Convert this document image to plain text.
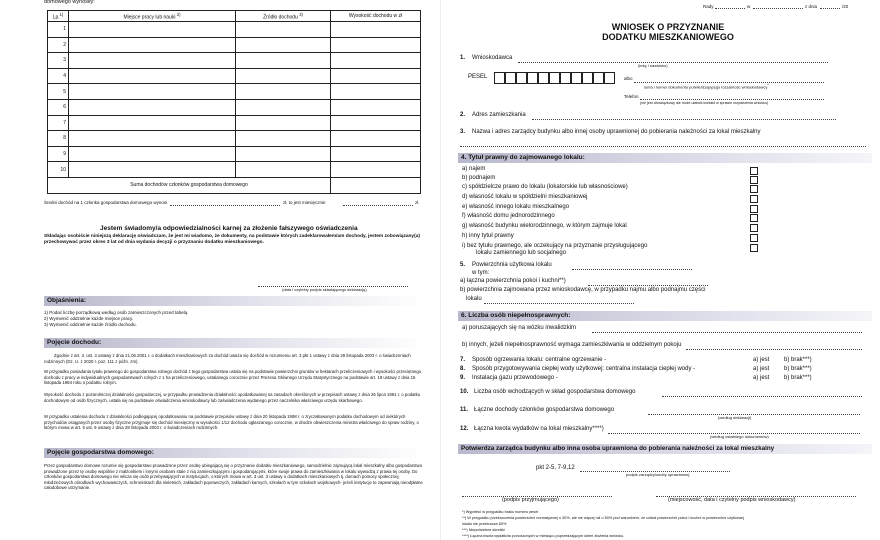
domowego wynosiły:
Lp.$^{1)}$	Miejsce pracy lub nauki $^{2)}$	Źródło dochodu $^{3)}$	Wysokość dochodu w zł
1			
2			
3			
4			
5			
6			
7			
8			
9			
10			
Suma dochodów członków gospodarstwa domowego			
Średni dochód na 1 członka gospodarstwa domowego wynosi	zł, to jest miesięcznie	zł.
Jestem świadomy/a odpowiedzialności karnej za złożenie fałszywego oświadczenia
Składając osobiście niniejszą deklarację oświadczam, że jest mi wiadomo, że dokumenty, na podstawie których zadeklarowałem/am dochody, jestem zobowiązany(a) przechowywać przez okres 3 lat od dnia wydania decyzji o przyznaniu dodatku mieszkaniowego.
(data i czytelny podpis składającego deklarację)
Objaśnienia:
1) Podać liczbę porządkową według osób zamieszczonych przed tabelą.
2) Wymienić oddzielnie każde miejsce pracy.
3) Wymienić oddzielnie każde źródło dochodu.
Pojęcie dochodu:
Zgodnie z art. 3. ust. 3 ustawy z dnia 21.06.2001 r. o dodatkach mieszkaniowych za dochód uważa się dochód w rozumieniu art. 3 pkt 1 ustawy z dnia 28 listopada 2003 r. o świadczeniach rodzinnych (Dz. U. z 2020 r. poz. 111 z późn. zm).
W przypadku posiadania tytułu prawnego do gospodarstwa rolnego dochód z tego gospodarstwa ustala się na podstawie powierzchni gruntów w hektarach przeliczeniowych i wysokości przeciętnego dochodu z pracy w indywidualnych gospodarstwach rolnych z 1 ha przeliczeniowego, ustalanego corocznie przez Prezesa Głównego Urzędu Statystycznego na podstawie art. 18 ustawy z dnia 15 listopada 1984 roku o podatku rolnym.
Wysokość dochodu z pozarolniczej działalności gospodarczej, w przypadku prowadzenia działalności opodatkowanej na zasadach określonych w przepisach ustawy z dnia 26 lipca 1991 r. o podatku dochodowym od osób fizycznych, ustala się na podstawie oświadczenia wnioskodawcy lub zaświadczenia wydanego przez naczelnika właściwego urzędu skarbowego.
W przypadku ustalenia dochodu z działalności podlegającej opodatkowaniu na podstawie przepisów ustawy z dnia 20 listopada 1998 r. o zryczałtowanym podatku dochodowym od niektórych przychodów osiąganych przez osoby fizyczne przyjmuje się dochód miesięczny w wysokości 1/12 dochodu ogłaszanego corocznie, w drodze obwieszczenia ministra właściwego do spraw rodziny, o którym mowa w art. 5 ust. 9 ustawy z dnia 28 listopada 2003 r. o świadczeniach rodzinnych.
Pojęcie gospodarstwa domowego:
Przez gospodarstwo domowe rozumie się gospodarstwo prowadzone przez osobę ubiegającą się o przyznanie dodatku mieszkaniowego, samodzielnie zajmującą lokal mieszkalny albo gospodarstwo prowadzone przez tę osobę wspólnie z małżonkiem i innymi osobami stale z nią zamieszkującymi i gospodarującymi, które swoje prawa do zamieszkiwania w lokalu wywodzą z prawa tej osoby. Do członków gospodarstwa domowego nie wlicza się osób przebywających w instytucjach, o których mowa w art. 3 ust. 3 ustawy o dodatkach mieszkaniowych tj. domach pomocy społecznej, młodzieżowych ośrodkach wychowawczych, schroniskach dla nieletnich, zakładach poprawczych, zakładach karnych, szkołach w tym szkołach wojskowych- jeżeli instytucje te zapewniają nieodpłatne całodobowe utrzymanie.
Rady	w	z dnia	/20
WNIOSEK O PRZYZNANIE
DODATKU MIESZKANIOWEGO
1. Wnioskodawca
(imię i nazwisko)
PESEL	albo
seria i numer dokumentu potwierdzającego tożsamość wnioskodawcy*
Telefon
(nie jest obowiązkowy ale może ułatwić kontakt w sprawie rozpatrzenia wniosku)
2. Adres zamieszkania
3. Nazwa i adres zarządcy budynku albo innej osoby uprawnionej do pobierania należności za lokal mieszkalny
4. Tytuł prawny do zajmowanego lokalu:
a) najem
b) podnajem
c) spółdzielcze prawo do lokalu (lokatorskie lub własnościowe)
d) własność lokalu w spółdzielni mieszkaniowej
e) własność innego lokalu mieszkalnego
f) własność domu jednorodzinnego
g) własność budynku wielorodzinnego, w którym zajmuje lokal
h) inny tytuł prawny
i) bez tytułu prawnego, ale oczekujący na przyznanie przysługującego
lokalu zamiennego lub socjalnego
5. Powierzchnia użytkowa lokalu
w tym:
a) łączna powierzchnia pokoi i kuchni**)
b) powierzchnia zajmowana przez wnioskodawcę, w przypadku najmu albo podnajmu części
lokalu
6. Liczba osób niepełnosprawnych:
a) poruszających się na wózku inwalidzkim
b) innych, jeżeli niepełnosprawność wymaga zamieszkiwania w oddzielnym pokoju
7. Sposób ogrzewania lokalu: centralne ogrzewanie -	a) jest b) brak***)
8. Sposób przygotowywania ciepłej wody użytkowej: centralna instalacja ciepłej wody -	a) jest b) brak***)
9. Instalacja gazu przewodowego -	a) jest b) brak***)
10. Liczba osób wchodzących w skład gospodarstwa domowego
11. Łączne dochody członków gospodarstwa domowego
(według deklaracji)
12. Łączna kwota wydatków na lokal mieszkalny****)
(według ostatniego dokumentów)
Potwierdza zarządca budynku albo inna osoba uprawniona do pobierania należności za lokal mieszkalny
pkt 2-5, 7-9,12
podpis zarządcy/osoby uprawnionej
(podpis przyjmującego)	(miejscowość, data i czytelny podpis wnioskodawcy)
*) Wypełnić w przypadku braku numeru pesel
**) W przypadku przekroczenia powierzchni normatywnej o 30%, ale nie więcej niż o 50% pod warunkiem, że udział powierzchni pokoi i kuchni w powierzchni użytkowej
lokalu nie przekracza 60%
***) Niepotrzebne skreślić
****) Łączna kwota wydatków ponoszonych w miesiącu poprzedzającym dzień złożenia wniosku.
